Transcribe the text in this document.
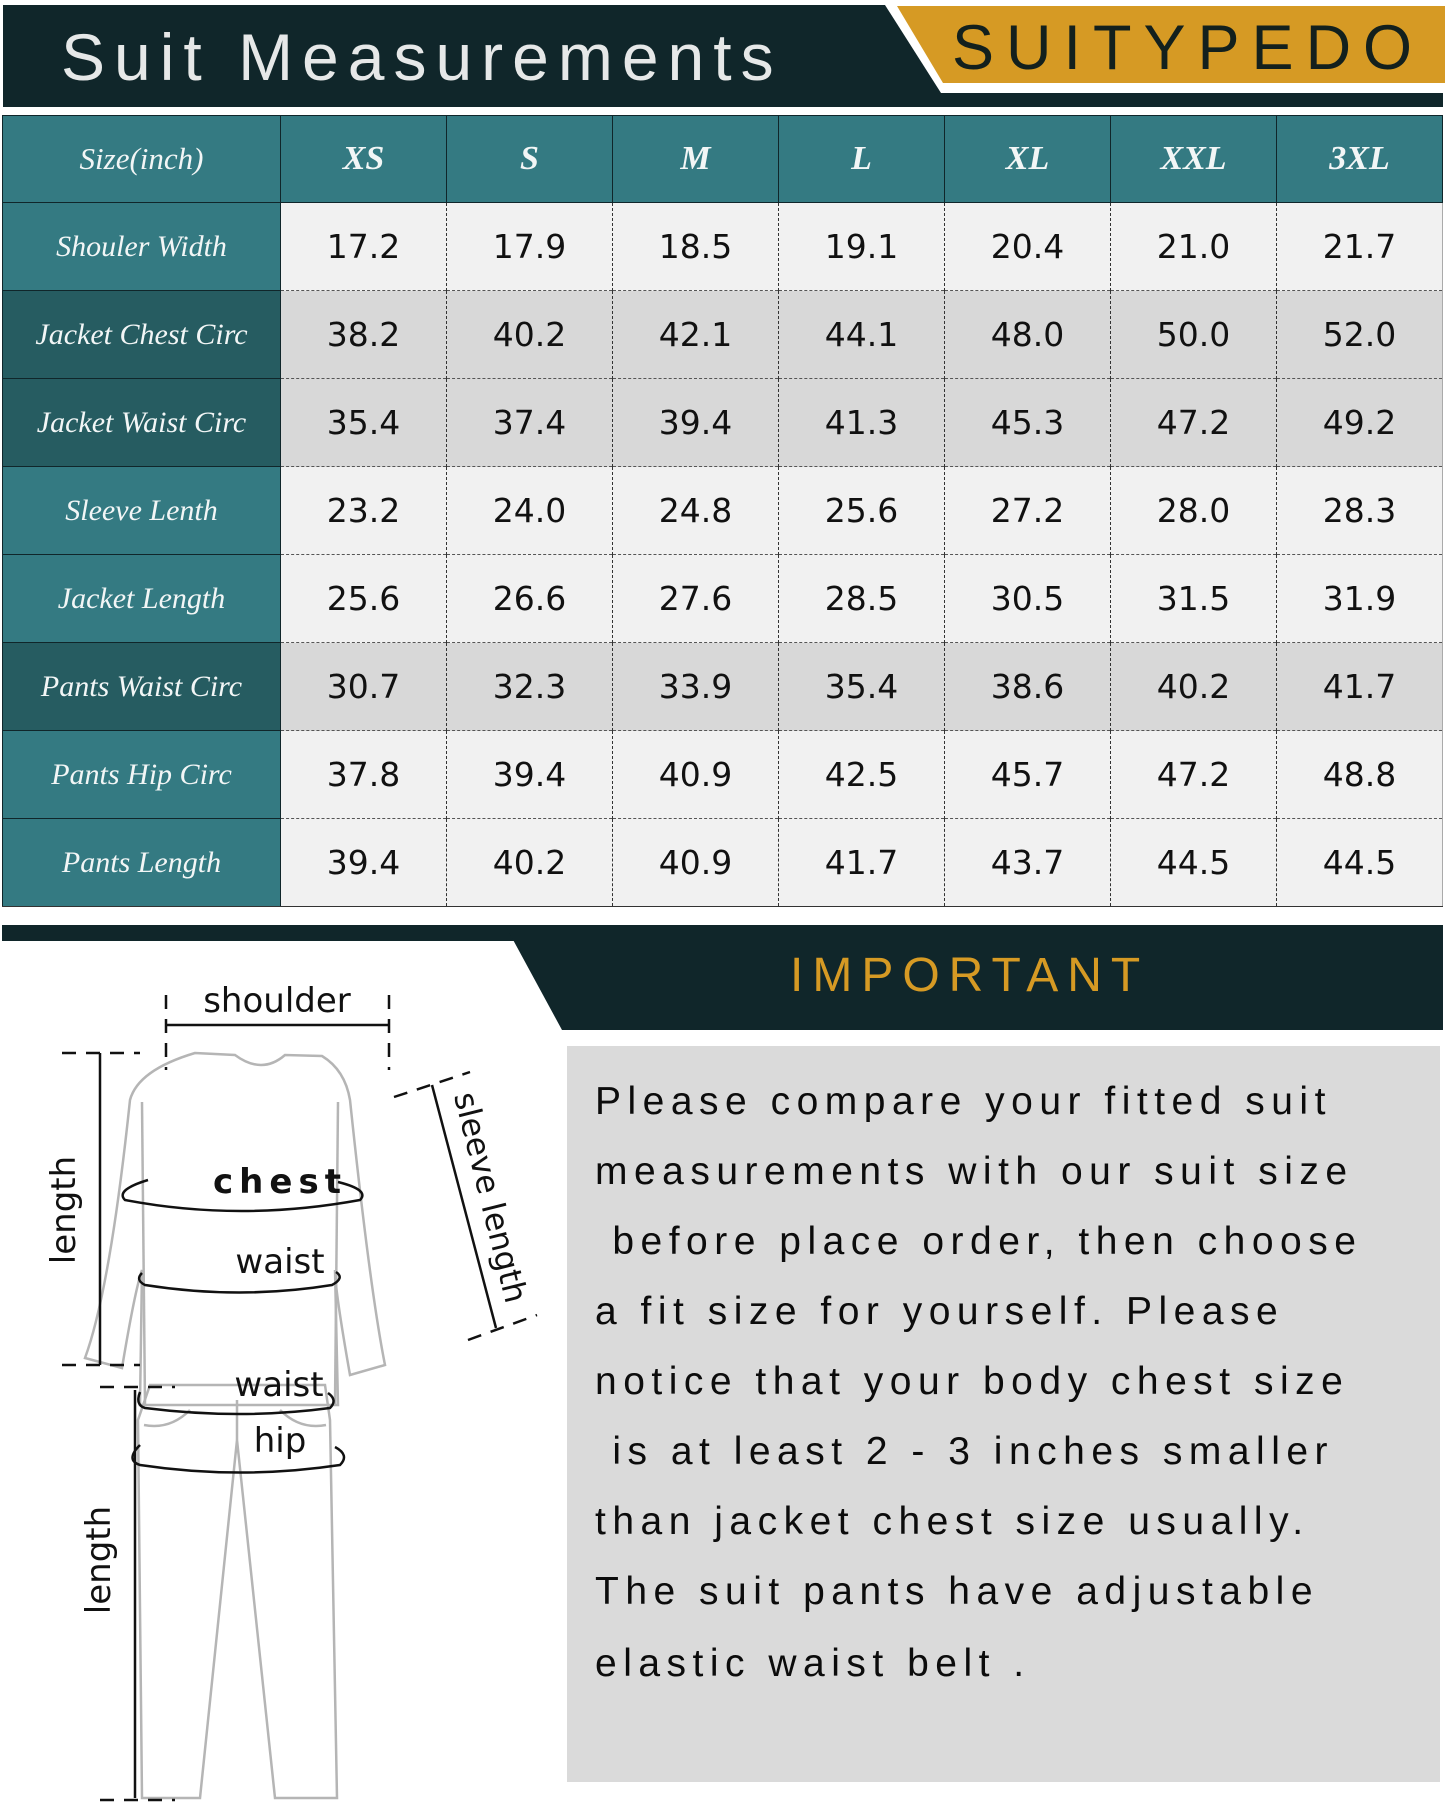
Suit Measurements	SUITYPEDO
Size(inch)	XS	S	M	L	XL	XXL	3XL
Shouler Width	17.2	17.9	18.5	19.1	20.4	21.0	21.7
Jacket Chest Circ	38.2	40.2	42.1	44.1	48.0	50.0	52.0
Jacket Waist Circ	35.4	37.4	39.4	41.3	45.3	47.2	49.2
Sleeve Lenth	23.2	24.0	24.8	25.6	27.2	28.0	28.3
Jacket Length	25.6	26.6	27.6	28.5	30.5	31.5	31.9
Pants Waist Circ	30.7	32.3	33.9	35.4	38.6	40.2	41.7
Pants Hip Circ	37.8	39.4	40.9	42.5	45.7	47.2	48.8
Pants Length	39.4	40.2	40.9	41.7	43.7	44.5	44.5
IMPORTANT
Please compare your fitted suit
measurements with our suit size
before place order, then choose
a fit size for yourself. Please
notice that your body chest size
is at least 2 - 3 inches smaller
than jacket chest size usually.
The suit pants have adjustable
elastic waist belt .
shoulder
length	chest
waist	sleeve length
waist
hip
length
